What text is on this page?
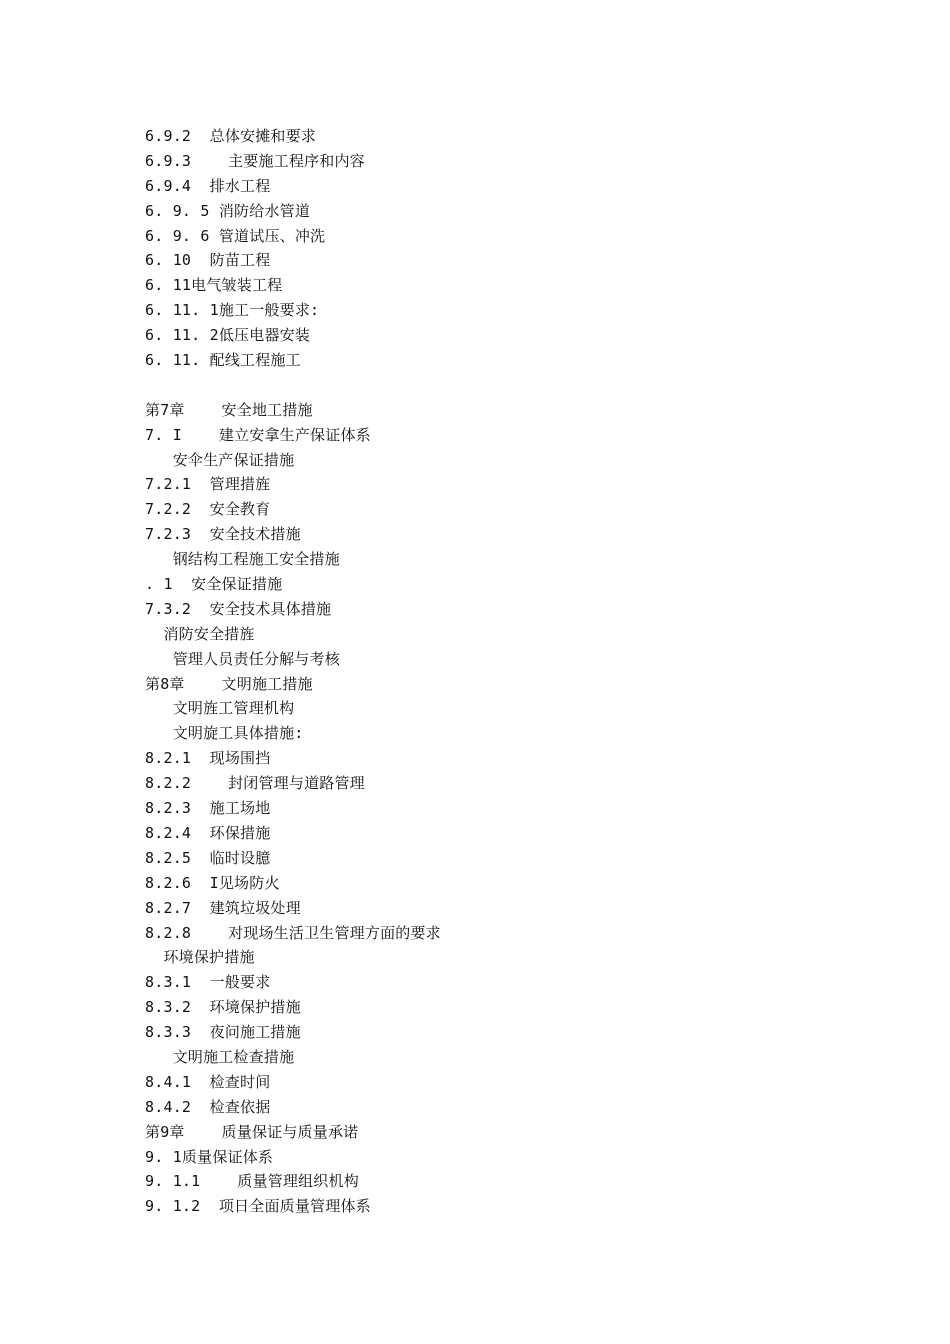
6.9.2  总体安摊和要求
6.9.3    主要施工程序和内容
6.9.4  排水工程
6. 9. 5 消防给水管道
6. 9. 6 管道试压、冲洗
6. 10  防苗工程
6. 11电气皱装工程
6. 11. 1施工一般要求:
6. 11. 2低压电器安装
6. 11. 配线工程施工
第7章    安全地工措施
7. I    建立安拿生产保证体系
安伞生产保证措施
7.2.1  管理措旌
7.2.2  安全教育
7.2.3  安全技术措施
钢结构工程施工安全措施
. 1  安全保证措施
7.3.2  安全技术具体措施
消防安全措旌
管理人员责任分解与考核
第8章    文明施工措施
文明旌工管理机构
文明旋工具体措施:
8.2.1  现场围挡
8.2.2    封闭管理与道路管理
8.2.3  施工场地
8.2.4  环保措施
8.2.5  临时设臆
8.2.6  I见场防火
8.2.7  建筑垃圾处理
8.2.8    对现场生活卫生管理方面的要求
环境保护措施
8.3.1  一般要求
8.3.2  环境保护措施
8.3.3  夜问施工措施
文明施工检查措施
8.4.1  检查时间
8.4.2  检查依据
第9章    质量保证与质量承诺
9. 1质量保证体系
9. 1.1    质量管理组织机构
9. 1.2  项日全面质量管理体系
